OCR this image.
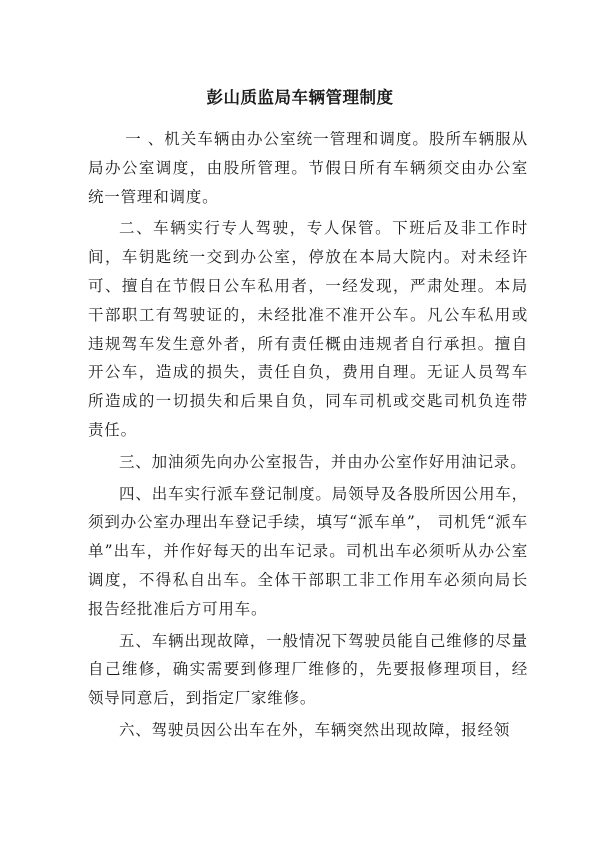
彭山质监局车辆管理制度

一 、机关车辆由办公室统一管理和调度。股所车辆服从局办公室调度，由股所管理。节假日所有车辆须交由办公室统一管理和调度。

二、车辆实行专人驾驶，专人保管。下班后及非工作时间，车钥匙统一交到办公室，停放在本局大院内。对未经许可、擅自在节假日公车私用者，一经发现，严肃处理。本局干部职工有驾驶证的，未经批准不准开公车。凡公车私用或违规驾车发生意外者，所有责任概由违规者自行承担。擅自开公车，造成的损失，责任自负，费用自理。无证人员驾车所造成的一切损失和后果自负，同车司机或交匙司机负连带责任。

三、加油须先向办公室报告，并由办公室作好用油记录。

四、出车实行派车登记制度。局领导及各股所因公用车，须到办公室办理出车登记手续，填写“派车单”， 司机凭“派车单”出车，并作好每天的出车记录。司机出车必须听从办公室调度，不得私自出车。全体干部职工非工作用车必须向局长报告经批准后方可用车。

五、车辆出现故障，一般情况下驾驶员能自己维修的尽量自己维修，确实需要到修理厂维修的，先要报修理项目，经领导同意后，到指定厂家维修。

六、驾驶员因公出车在外，车辆突然出现故障，报经领
